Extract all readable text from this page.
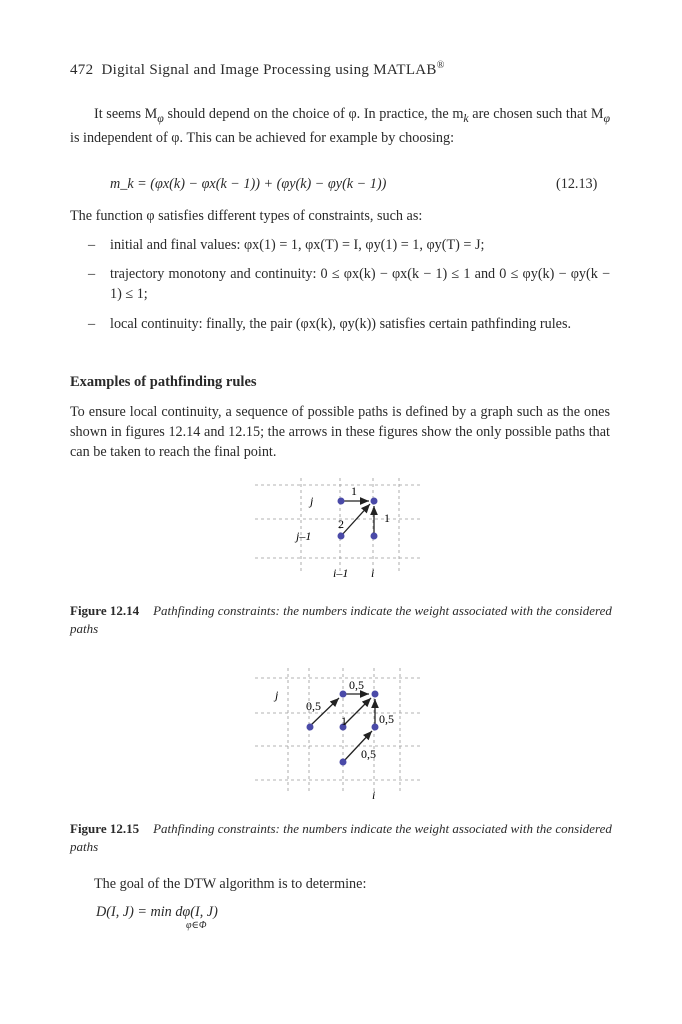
472 Digital Signal and Image Processing using MATLAB®
It seems $M_\varphi$ should depend on the choice of φ. In practice, the $m_k$ are chosen such that $M_\varphi$ is independent of φ. This can be achieved for example by choosing:
m_k = (φx(k) − φx(k − 1)) + (φy(k) − φy(k − 1))	(12.13)
The function φ satisfies different types of constraints, such as:
– initial and final values: φx(1) = 1, φx(T) = I, φy(1) = 1, φy(T) = J;
– trajectory monotony and continuity: 0 ≤ φx(k) − φx(k − 1) ≤ 1 and 0 ≤ φy(k) − φy(k − 1) ≤ 1;
– local continuity: finally, the pair (φx(k), φy(k)) satisfies certain pathfinding rules.
Examples of pathfinding rules
To ensure local continuity, a sequence of possible paths is defined by a graph such as the ones shown in figures 12.14 and 12.15; the arrows in these figures show the only possible paths that can be taken to reach the final point.
j
j–1
i–1 i
1
2	1
Figure 12.14 Pathfinding constraints: the numbers indicate the weight associated with the considered paths
j
i
0,5
0,5
1	0,5
0,5
Figure 12.15 Pathfinding constraints: the numbers indicate the weight associated with the considered paths
The goal of the DTW algorithm is to determine:
D(I, J) = min dφ(I, J)
φ∈Φ
